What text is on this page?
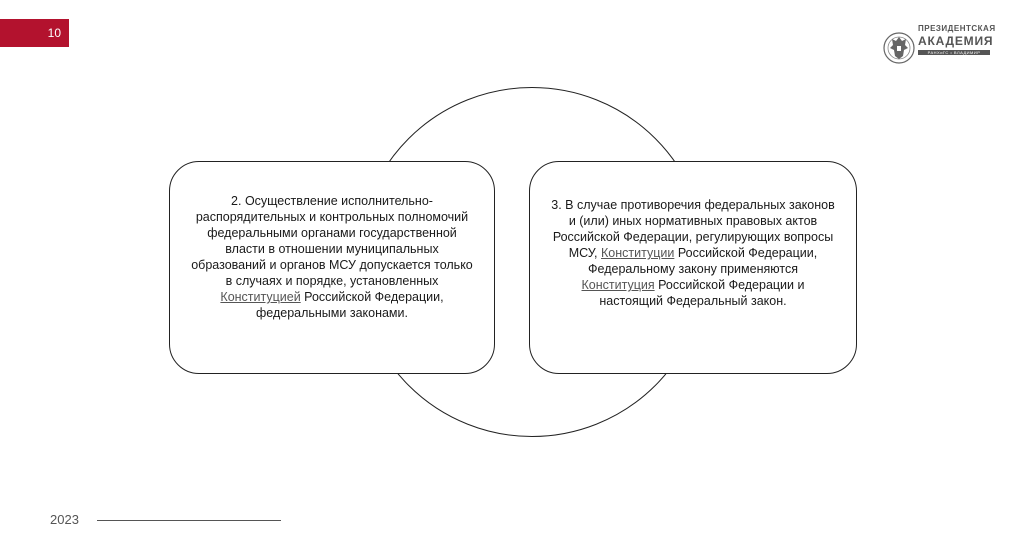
10	ПРЕЗИДЕНТСКАЯ
АКАДЕМИЯ
РАНХиГС • ВЛАДИМИР
2. Осуществление исполнительно-распорядительных и контрольных полномочий федеральными органами государственной власти в отношении муниципальных образований и органов МСУ допускается только в случаях и порядке, установленных Конституцией Российской Федерации, федеральными законами.
3. В случае противоречия федеральных законов и (или) иных нормативных правовых актов Российской Федерации, регулирующих вопросы МСУ, Конституции Российской Федерации, Федеральному закону применяются Конституция Российской Федерации и настоящий Федеральный закон.
2023
